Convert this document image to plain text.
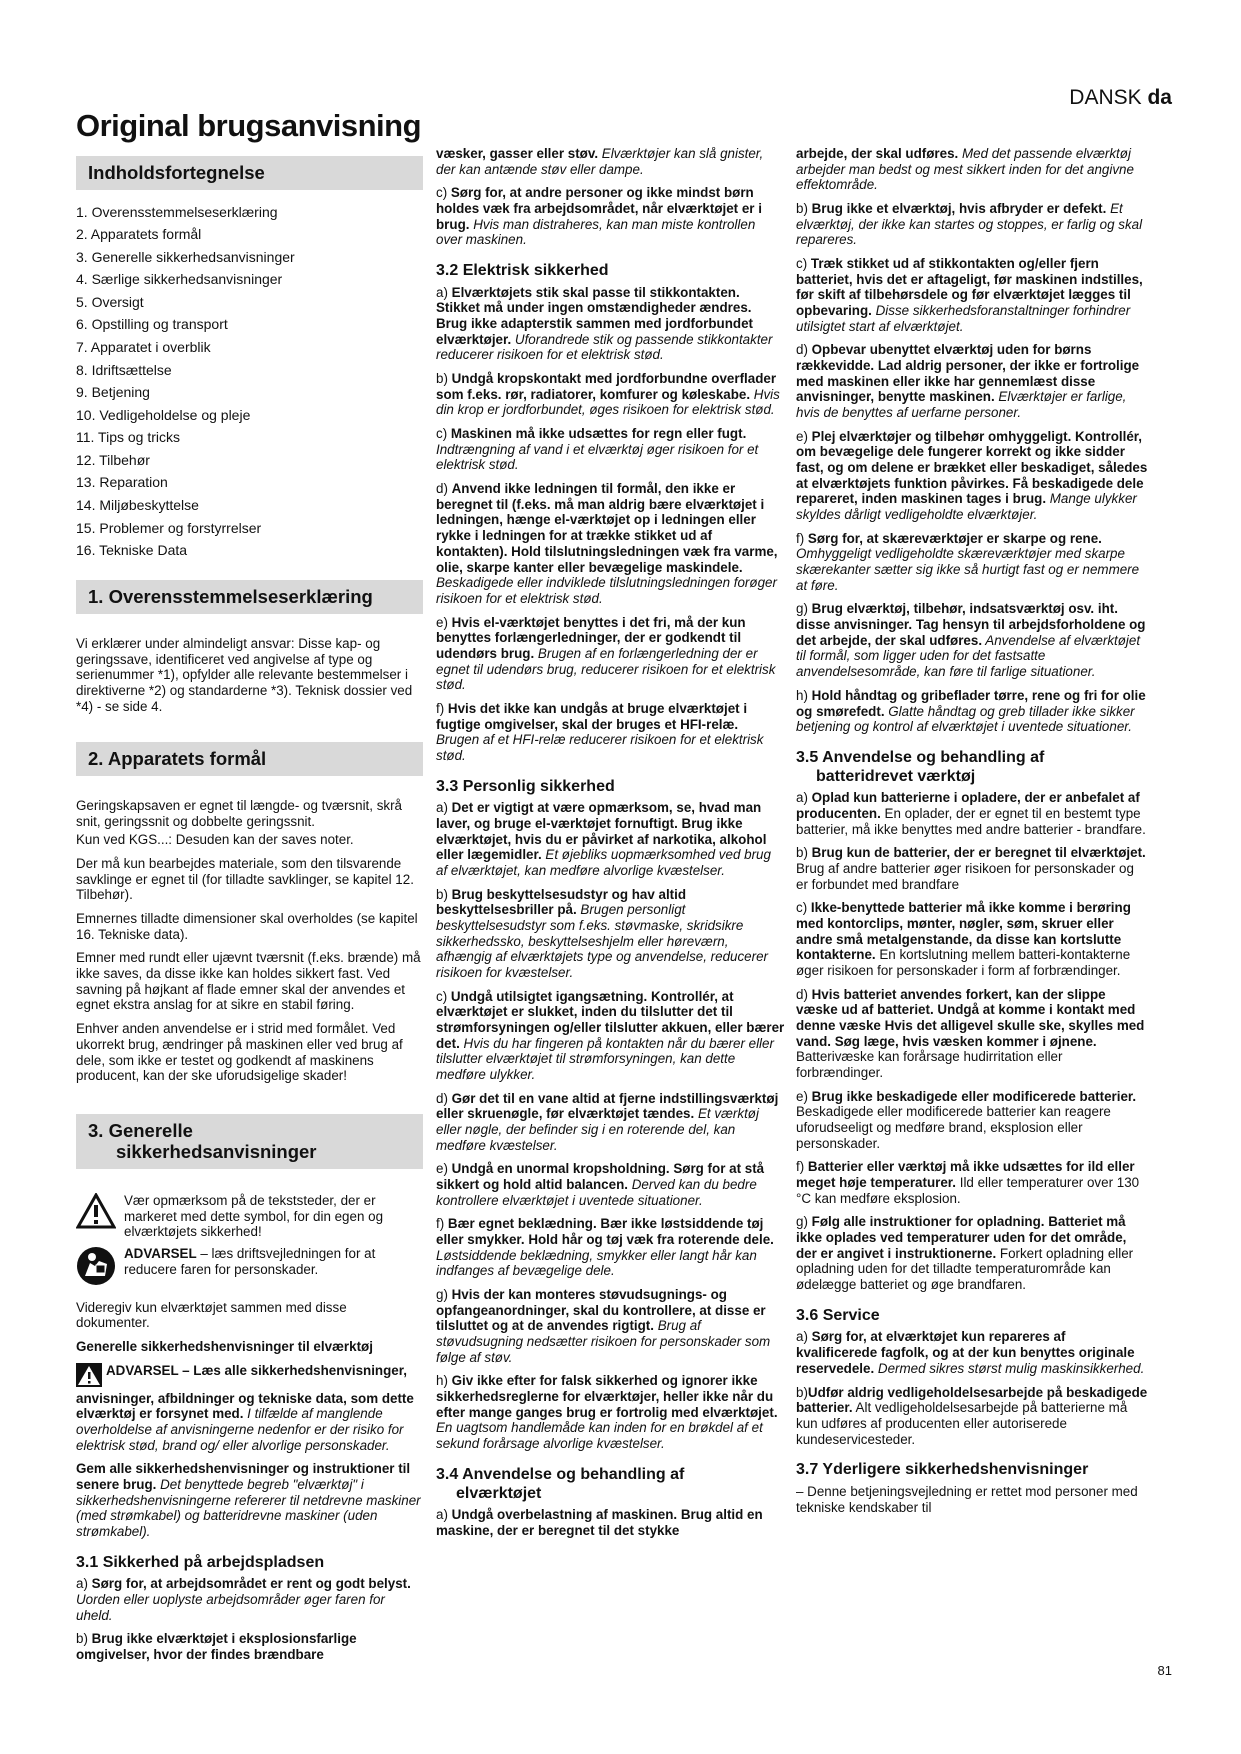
DANSK da
Original brugsanvisning
Indholdsfortegnelse
1. Overensstemmelseserklæring
2. Apparatets formål
3. Generelle sikkerhedsanvisninger
4. Særlige sikkerhedsanvisninger
5. Oversigt
6. Opstilling og transport
7. Apparatet i overblik
8. Idriftsættelse
9. Betjening
10. Vedligeholdelse og pleje
11. Tips og tricks
12. Tilbehør
13. Reparation
14. Miljøbeskyttelse
15. Problemer og forstyrrelser
16. Tekniske Data
1. Overensstemmelseserklæring

Vi erklærer under almindeligt ansvar: Disse kap- og geringssave, identificeret ved angivelse af type og serienummer *1), opfylder alle relevante bestemmelser i direktiverne *2) og standarderne *3). Teknisk dossier ved *4) - se side 4.

2. Apparatets formål

Geringskapsaven er egnet til længde- og tværsnit, skrå snit, geringssnit og dobbelte geringssnit.

Kun ved KGS...: Desuden kan der saves noter.

Der må kun bearbejdes materiale, som den tilsvarende savklinge er egnet til (for tilladte savklinger, se kapitel 12. Tilbehør).

Emnernes tilladte dimensioner skal overholdes (se kapitel 16. Tekniske data).

Emner med rundt eller ujævnt tværsnit (f.eks. brænde) må ikke saves, da disse ikke kan holdes sikkert fast. Ved savning på højkant af flade emner skal der anvendes et egnet ekstra anslag for at sikre en stabil føring.

Enhver anden anvendelse er i strid med formålet. Ved ukorrekt brug, ændringer på maskinen eller ved brug af dele, som ikke er testet og godkendt af maskinens producent, kan der ske uforudsigelige skader!

3. Generelle
sikkerhedsanvisninger
Vær opmærksom på de tekststeder, der er markeret med dette symbol, for din egen og elværktøjets sikkerhed!
ADVARSEL – læs driftsvejledningen for at reducere faren for personskader.

Videregiv kun elværktøjet sammen med disse dokumenter.

Generelle sikkerhedshenvisninger til elværktøj

ADVARSEL – Læs alle sikkerhedshenvisninger, anvisninger, afbildninger og tekniske data, som dette elværktøj er forsynet med. I tilfælde af manglende overholdelse af anvisningerne nedenfor er der risiko for elektrisk stød, brand og/ eller alvorlige personskader.

Gem alle sikkerhedshenvisninger og instruktioner til senere brug. Det benyttede begreb "elværktøj" i sikkerhedshenvisningerne refererer til netdrevne maskiner (med strømkabel) og batteridrevne maskiner (uden strømkabel).

3.1 Sikkerhed på arbejdspladsen

a) Sørg for, at arbejdsområdet er rent og godt belyst. Uorden eller uoplyste arbejdsområder øger faren for uheld.

b) Brug ikke elværktøjet i eksplosionsfarlige omgivelser, hvor der findes brændbare

væsker, gasser eller støv. Elværktøjer kan slå gnister, der kan antænde støv eller dampe.

c) Sørg for, at andre personer og ikke mindst børn holdes væk fra arbejdsområdet, når elværktøjet er i brug. Hvis man distraheres, kan man miste kontrollen over maskinen.

3.2 Elektrisk sikkerhed

a) Elværktøjets stik skal passe til stikkontakten. Stikket må under ingen omstændigheder ændres. Brug ikke adapterstik sammen med jordforbundet elværktøjer. Uforandrede stik og passende stikkontakter reducerer risikoen for et elektrisk stød.

b) Undgå kropskontakt med jordforbundne overflader som f.eks. rør, radiatorer, komfurer og køleskabe. Hvis din krop er jordforbundet, øges risikoen for elektrisk stød.

c) Maskinen må ikke udsættes for regn eller fugt. Indtrængning af vand i et elværktøj øger risikoen for et elektrisk stød.

d) Anvend ikke ledningen til formål, den ikke er beregnet til (f.eks. må man aldrig bære elværktøjet i ledningen, hænge el-værktøjet op i ledningen eller rykke i ledningen for at trække stikket ud af kontakten). Hold tilslutningsledningen væk fra varme, olie, skarpe kanter eller bevægelige maskindele. Beskadigede eller indviklede tilslutningsledningen forøger risikoen for et elektrisk stød.

e) Hvis el-værktøjet benyttes i det fri, må der kun benyttes forlængerledninger, der er godkendt til udendørs brug. Brugen af en forlængerledning der er egnet til udendørs brug, reducerer risikoen for et elektrisk stød.

f) Hvis det ikke kan undgås at bruge elværktøjet i fugtige omgivelser, skal der bruges et HFI-relæ. Brugen af et HFI-relæ reducerer risikoen for et elektrisk stød.

3.3 Personlig sikkerhed

a) Det er vigtigt at være opmærksom, se, hvad man laver, og bruge el-værktøjet fornuftigt. Brug ikke elværktøjet, hvis du er påvirket af narkotika, alkohol eller lægemidler. Et øjebliks uopmærksomhed ved brug af elværktøjet, kan medføre alvorlige kvæstelser.

b) Brug beskyttelsesudstyr og hav altid beskyttelsesbriller på. Brugen personligt beskyttelsesudstyr som f.eks. støvmaske, skridsikre sikkerhedssko, beskyttelseshjelm eller høreværn, afhængig af elværktøjets type og anvendelse, reducerer risikoen for kvæstelser.

c) Undgå utilsigtet igangsætning. Kontrollér, at elværktøjet er slukket, inden du tilslutter det til strømforsyningen og/eller tilslutter akkuen, eller bærer det. Hvis du har fingeren på kontakten når du bærer eller tilslutter elværktøjet til strømforsyningen, kan dette medføre ulykker.

d) Gør det til en vane altid at fjerne indstillingsværktøj eller skruenøgle, før elværktøjet tændes. Et værktøj eller nøgle, der befinder sig i en roterende del, kan medføre kvæstelser.

e) Undgå en unormal kropsholdning. Sørg for at stå sikkert og hold altid balancen. Derved kan du bedre kontrollere elværktøjet i uventede situationer.

f) Bær egnet beklædning. Bær ikke løstsiddende tøj eller smykker. Hold hår og tøj væk fra roterende dele. Løstsiddende beklædning, smykker eller langt hår kan indfanges af bevægelige dele.

g) Hvis der kan monteres støvudsugnings- og opfangeanordninger, skal du kontrollere, at disse er tilsluttet og at de anvendes rigtigt. Brug af støvudsugning nedsætter risikoen for personskader som følge af støv.

h) Giv ikke efter for falsk sikkerhed og ignorer ikke sikkerhedsreglerne for elværktøjer, heller ikke når du efter mange ganges brug er fortrolig med elværktøjet. En uagtsom handlemåde kan inden for en brøkdel af et sekund forårsage alvorlige kvæstelser.

3.4 Anvendelse og behandling af
elværktøjet

a) Undgå overbelastning af maskinen. Brug altid en maskine, der er beregnet til det stykke

arbejde, der skal udføres. Med det passende elværktøj arbejder man bedst og mest sikkert inden for det angivne effektområde.

b) Brug ikke et elværktøj, hvis afbryder er defekt. Et elværktøj, der ikke kan startes og stoppes, er farlig og skal repareres.

c) Træk stikket ud af stikkontakten og/eller fjern batteriet, hvis det er aftageligt, før maskinen indstilles, før skift af tilbehørsdele og før elværktøjet lægges til opbevaring. Disse sikkerhedsforanstaltninger forhindrer utilsigtet start af elværktøjet.

d) Opbevar ubenyttet elværktøj uden for børns rækkevidde. Lad aldrig personer, der ikke er fortrolige med maskinen eller ikke har gennemlæst disse anvisninger, benytte maskinen. Elværktøjer er farlige, hvis de benyttes af uerfarne personer.

e) Plej elværktøjer og tilbehør omhyggeligt. Kontrollér, om bevægelige dele fungerer korrekt og ikke sidder fast, og om delene er brækket eller beskadiget, således at elværktøjets funktion påvirkes. Få beskadigede dele repareret, inden maskinen tages i brug. Mange ulykker skyldes dårligt vedligeholdte elværktøjer.

f) Sørg for, at skæreværktøjer er skarpe og rene. Omhyggeligt vedligeholdte skæreværktøjer med skarpe skærekanter sætter sig ikke så hurtigt fast og er nemmere at føre.

g) Brug elværktøj, tilbehør, indsatsværktøj osv. iht. disse anvisninger. Tag hensyn til arbejdsforholdene og det arbejde, der skal udføres. Anvendelse af elværktøjet til formål, som ligger uden for det fastsatte anvendelsesområde, kan føre til farlige situationer.

h) Hold håndtag og gribeflader tørre, rene og fri for olie og smørefedt. Glatte håndtag og greb tillader ikke sikker betjening og kontrol af elværktøjet i uventede situationer.

3.5 Anvendelse og behandling af
batteridrevet værktøj

a) Oplad kun batterierne i opladere, der er anbefalet af producenten. En oplader, der er egnet til en bestemt type batterier, må ikke benyttes med andre batterier - brandfare.

b) Brug kun de batterier, der er beregnet til elværktøjet. Brug af andre batterier øger risikoen for personskader og er forbundet med brandfare

c) Ikke-benyttede batterier må ikke komme i berøring med kontorclips, mønter, nøgler, søm, skruer eller andre små metalgenstande, da disse kan kortslutte kontakterne. En kortslutning mellem batteri-kontakterne øger risikoen for personskader i form af forbrændinger.

d) Hvis batteriet anvendes forkert, kan der slippe væske ud af batteriet. Undgå at komme i kontakt med denne væske Hvis det alligevel skulle ske, skylles med vand. Søg læge, hvis væsken kommer i øjnene. Batterivæske kan forårsage hudirritation eller forbrændinger.

e) Brug ikke beskadigede eller modificerede batterier. Beskadigede eller modificerede batterier kan reagere uforudseeligt og medføre brand, eksplosion eller personskader.

f) Batterier eller værktøj må ikke udsættes for ild eller meget høje temperaturer. Ild eller temperaturer over 130 °C kan medføre eksplosion.

g) Følg alle instruktioner for opladning. Batteriet må ikke oplades ved temperaturer uden for det område, der er angivet i instruktionerne. Forkert opladning eller opladning uden for det tilladte temperaturområde kan ødelægge batteriet og øge brandfaren.

3.6 Service

a) Sørg for, at elværktøjet kun repareres af kvalificerede fagfolk, og at der kun benyttes originale reservedele. Dermed sikres størst mulig maskinsikkerhed.

b)Udfør aldrig vedligeholdelsesarbejde på beskadigede batterier. Alt vedligeholdelsesarbejde på batterierne må kun udføres af producenten eller autoriserede kundeservicesteder.

3.7 Yderligere sikkerhedshenvisninger

– Denne betjeningsvejledning er rettet mod personer med tekniske kendskaber til

81
